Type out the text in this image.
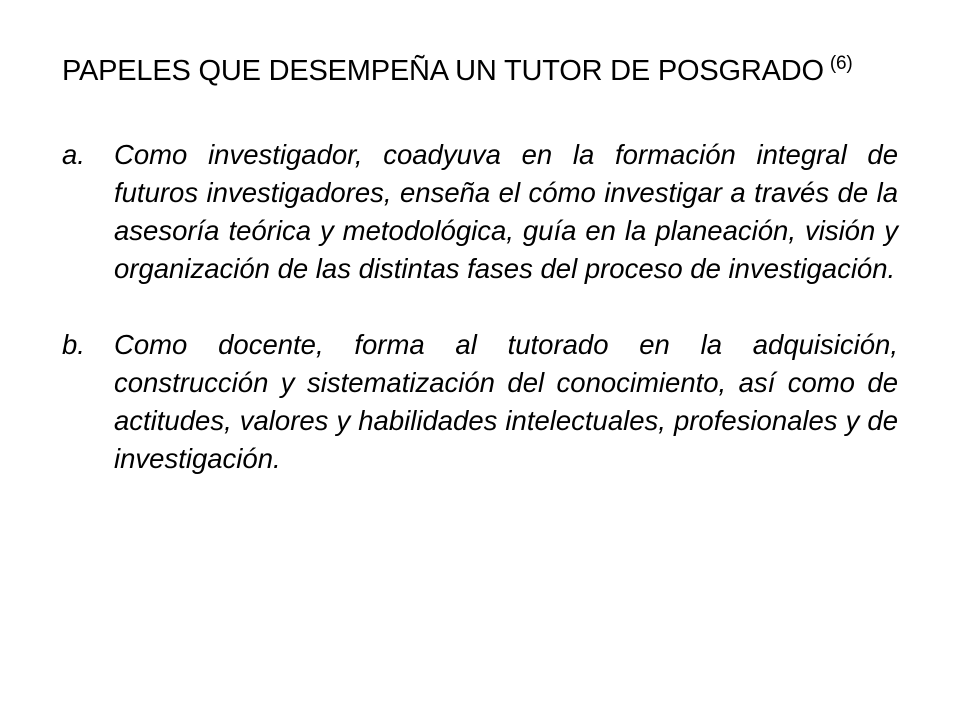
PAPELES QUE DESEMPEÑA UN TUTOR DE POSGRADO $^{(6)}$
a.	Como investigador, coadyuva en la formación integral de futuros investigadores, enseña el cómo investigar a través de la asesoría teórica y metodológica, guía en la planeación, visión y organización de las distintas fases del proceso de investigación.
b.	Como docente, forma al tutorado en la adquisición, construcción y sistematización del conocimiento, así como de actitudes, valores y habilidades intelectuales, profesionales y de investigación.
